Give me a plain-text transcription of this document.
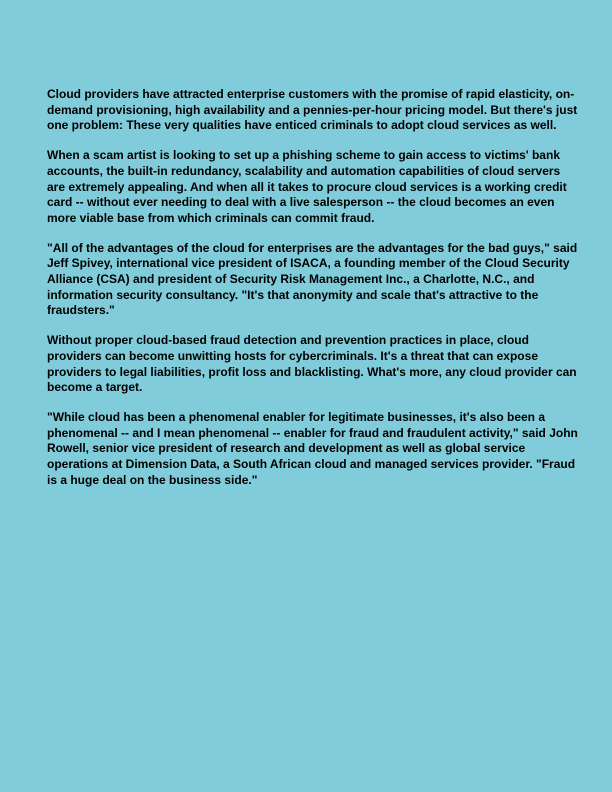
Cloud providers have attracted enterprise customers with the promise of rapid elasticity, on-
demand provisioning, high availability and a pennies-per-hour pricing model. But there's just
one problem: These very qualities have enticed criminals to adopt cloud services as well.

When a scam artist is looking to set up a phishing scheme to gain access to victims' bank
accounts, the built-in redundancy, scalability and automation capabilities of cloud servers
are extremely appealing. And when all it takes to procure cloud services is a working credit
card -- without ever needing to deal with a live salesperson -- the cloud becomes an even
more viable base from which criminals can commit fraud.

"All of the advantages of the cloud for enterprises are the advantages for the bad guys," said
Jeff Spivey, international vice president of ISACA, a founding member of the Cloud Security
Alliance (CSA) and president of Security Risk Management Inc., a Charlotte, N.C., and
information security consultancy. "It's that anonymity and scale that's attractive to the
fraudsters."

Without proper cloud-based fraud detection and prevention practices in place, cloud
providers can become unwitting hosts for cybercriminals. It's a threat that can expose
providers to legal liabilities, profit loss and blacklisting. What's more, any cloud provider can
become a target.

"While cloud has been a phenomenal enabler for legitimate businesses, it's also been a
phenomenal -- and I mean phenomenal -- enabler for fraud and fraudulent activity," said John
Rowell, senior vice president of research and development as well as global service
operations at Dimension Data, a South African cloud and managed services provider. "Fraud
is a huge deal on the business side."
